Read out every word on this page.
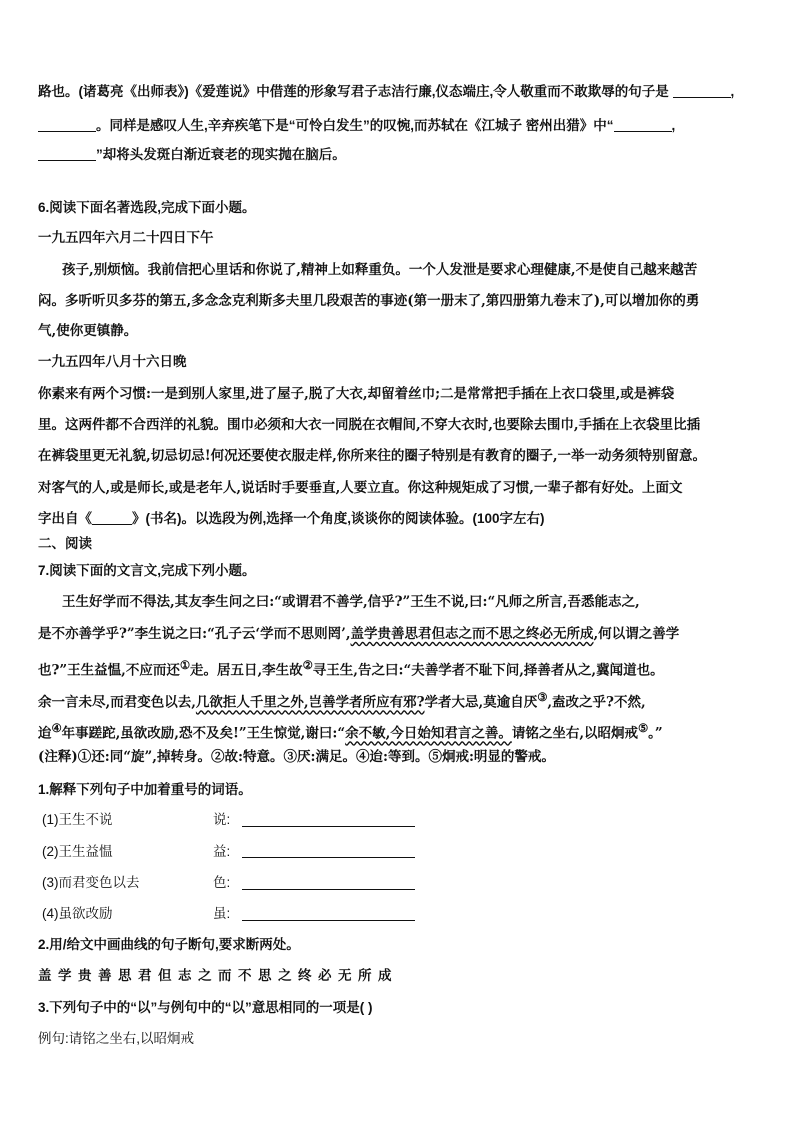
路也。(诸葛亮《出师表》)《爱莲说》中借莲的形象写君子志洁行廉,仪态端庄,令人敬重而不敢欺辱的句子是	,
。同样是感叹人生,辛弃疾笔下是“可怜白发生”的叹惋,而苏轼在《江城子 密州出猎》中“	,
”却将头发斑白渐近衰老的现实抛在脑后。
6.阅读下面名著选段,完成下面小题。
一九五四年六月二十四日下午
孩子,别烦恼。我前信把心里话和你说了,精神上如释重负。一个人发泄是要求心理健康,不是使自己越来越苦
闷。多听听贝多芬的第五,多念念克利斯多夫里几段艰苦的事迹(第一册末了,第四册第九卷末了),可以增加你的勇
气,使你更镇静。
一九五四年八月十六日晚
你素来有两个习惯:一是到别人家里,进了屋子,脱了大衣,却留着丝巾;二是常常把手插在上衣口袋里,或是裤袋
里。这两件都不合西洋的礼貌。围巾必须和大衣一同脱在衣帽间,不穿大衣时,也要除去围巾,手插在上衣袋里比插
在裤袋里更无礼貌,切忌切忌!何况还要使衣服走样,你所来往的圈子特别是有教育的圈子,一举一动务须特别留意。
对客气的人,或是师长,或是老年人,说话时手要垂直,人要立直。你这种规矩成了习惯,一辈子都有好处。上面文
字出自《	》(书名)。以选段为例,选择一个角度,谈谈你的阅读体验。(100字左右)
二、阅读
7.阅读下面的文言文,完成下列小题。
王生好学而不得法,其友李生问之曰:“或谓君不善学,信乎?”王生不说,曰:“凡师之所言,吾悉能志之,
是不亦善学乎?”李生说之曰:“孔子云‘学而不思则罔’,盖学贵善思君但志之而不思之终必无所成,何以谓之善学
也?”王生益愠,不应而还①走。居五日,李生故②寻王生,告之曰:“夫善学者不耻下问,择善者从之,冀闻道也。
余一言未尽,而君变色以去,几欲拒人千里之外,岂善学者所应有邪?学者大忌,莫逾自厌③,盍改之乎?不然,
迨④年事蹉跎,虽欲改励,恐不及矣!”王生惊觉,谢曰:“余不敏,今日始知君言之善。请铭之坐右,以昭炯戒⑤。”
(注释)①还:同“旋”,掉转身。②故:特意。③厌:满足。④迨:等到。⑤炯戒:明显的警戒。
1.解释下列句子中加着重号的词语。
(1)王生不说	说:
(2)王生益愠	益:
(3)而君变色以去	色:
(4)虽欲改励	虽:
2.用/给文中画曲线的句子断句,要求断两处。
盖学贵善思君但志之而不思之终必无所成
3.下列句子中的“以”与例句中的“以”意思相同的一项是( )
例句:请铭之坐右,以昭炯戒
